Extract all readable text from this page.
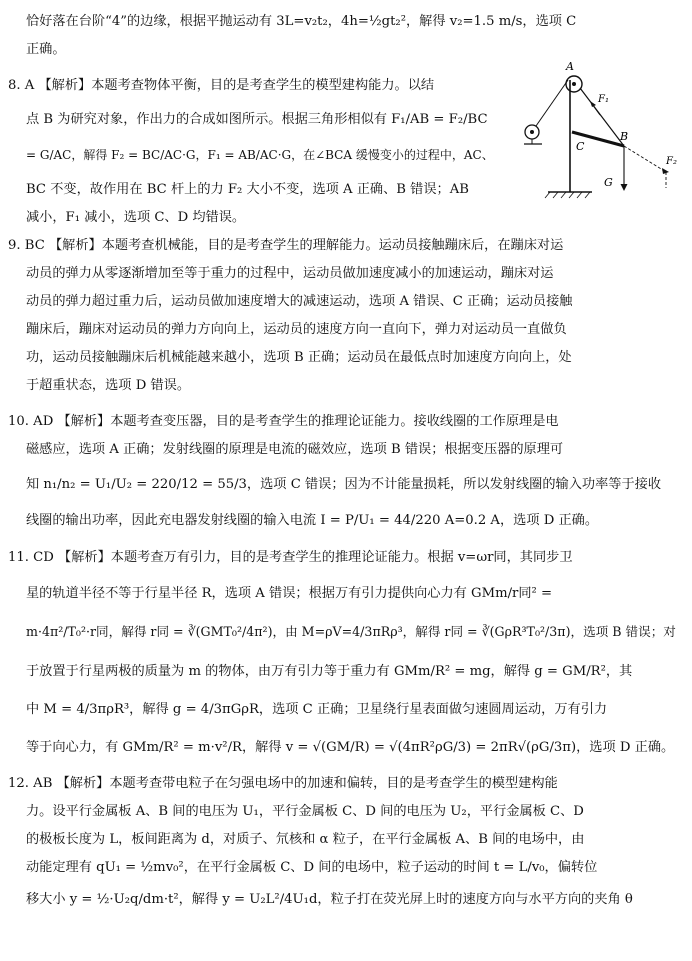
恰好落在台阶“4”的边缘，根据平抛运动有 3L=v₂t₂，4h=½gt₂²，解得 v₂=1.5 m/s，选项 C
正确。
8. A 【解析】本题考查物体平衡，目的是考查学生的模型建构能力。以结
点 B 为研究对象，作出力的合成如图所示。根据三角形相似有 F₁/AB = F₂/BC
= G/AC，解得 F₂ = BC/AC·G，F₁ = AB/AC·G，在∠BCA 缓慢变小的过程中，AC、
BC 不变，故作用在 BC 杆上的力 F₂ 大小不变，选项 A 正确、B 错误；AB
减小，F₁ 减小，选项 C、D 均错误。
9. BC 【解析】本题考查机械能，目的是考查学生的理解能力。运动员接触蹦床后，在蹦床对运
动员的弹力从零逐渐增加至等于重力的过程中，运动员做加速度减小的加速运动，蹦床对运
动员的弹力超过重力后，运动员做加速度增大的减速运动，选项 A 错误、C 正确；运动员接触
蹦床后，蹦床对运动员的弹力方向向上，运动员的速度方向一直向下，弹力对运动员一直做负
功，运动员接触蹦床后机械能越来越小，选项 B 正确；运动员在最低点时加速度方向向上，处
于超重状态，选项 D 错误。
10. AD 【解析】本题考查变压器，目的是考查学生的推理论证能力。接收线圈的工作原理是电
磁感应，选项 A 正确；发射线圈的原理是电流的磁效应，选项 B 错误；根据变压器的原理可
知 n₁/n₂ = U₁/U₂ = 220/12 = 55/3，选项 C 错误；因为不计能量损耗，所以发射线圈的输入功率等于接收
线圈的输出功率，因此充电器发射线圈的输入电流 I = P/U₁ = 44/220 A=0.2 A，选项 D 正确。
11. CD 【解析】本题考查万有引力，目的是考查学生的推理论证能力。根据 v=ωr同，其同步卫
星的轨道半径不等于行星半径 R，选项 A 错误；根据万有引力提供向心力有 GMm/r同² =
m·4π²/T₀²·r同，解得 r同 = ∛(GMT₀²/4π²)，由 M=ρV=4/3πRρ³，解得 r同 = ∛(GρR³T₀²/3π)，选项 B 错误；对
于放置于行星两极的质量为 m 的物体，由万有引力等于重力有 GMm/R² = mg，解得 g = GM/R²，其
中 M = 4/3πρR³，解得 g = 4/3πGρR，选项 C 正确；卫星绕行星表面做匀速圆周运动，万有引力
等于向心力，有 GMm/R² = m·v²/R，解得 v = √(GM/R) = √(4πR²ρG/3) = 2πR√(ρG/3π)，选项 D 正确。
12. AB 【解析】本题考查带电粒子在匀强电场中的加速和偏转，目的是考查学生的模型建构能
力。设平行金属板 A、B 间的电压为 U₁，平行金属板 C、D 间的电压为 U₂，平行金属板 C、D
的极板长度为 L，板间距离为 d，对质子、氘核和 α 粒子，在平行金属板 A、B 间的电场中，由
动能定理有 qU₁ = ½mv₀²，在平行金属板 C、D 间的电场中，粒子运动的时间 t = L/v₀，偏转位
移大小 y = ½·U₂q/dm·t²，解得 y = U₂L²/4U₁d，粒子打在荧光屏上时的速度方向与水平方向的夹角 θ
A
F₁
C
B
G
F₂
